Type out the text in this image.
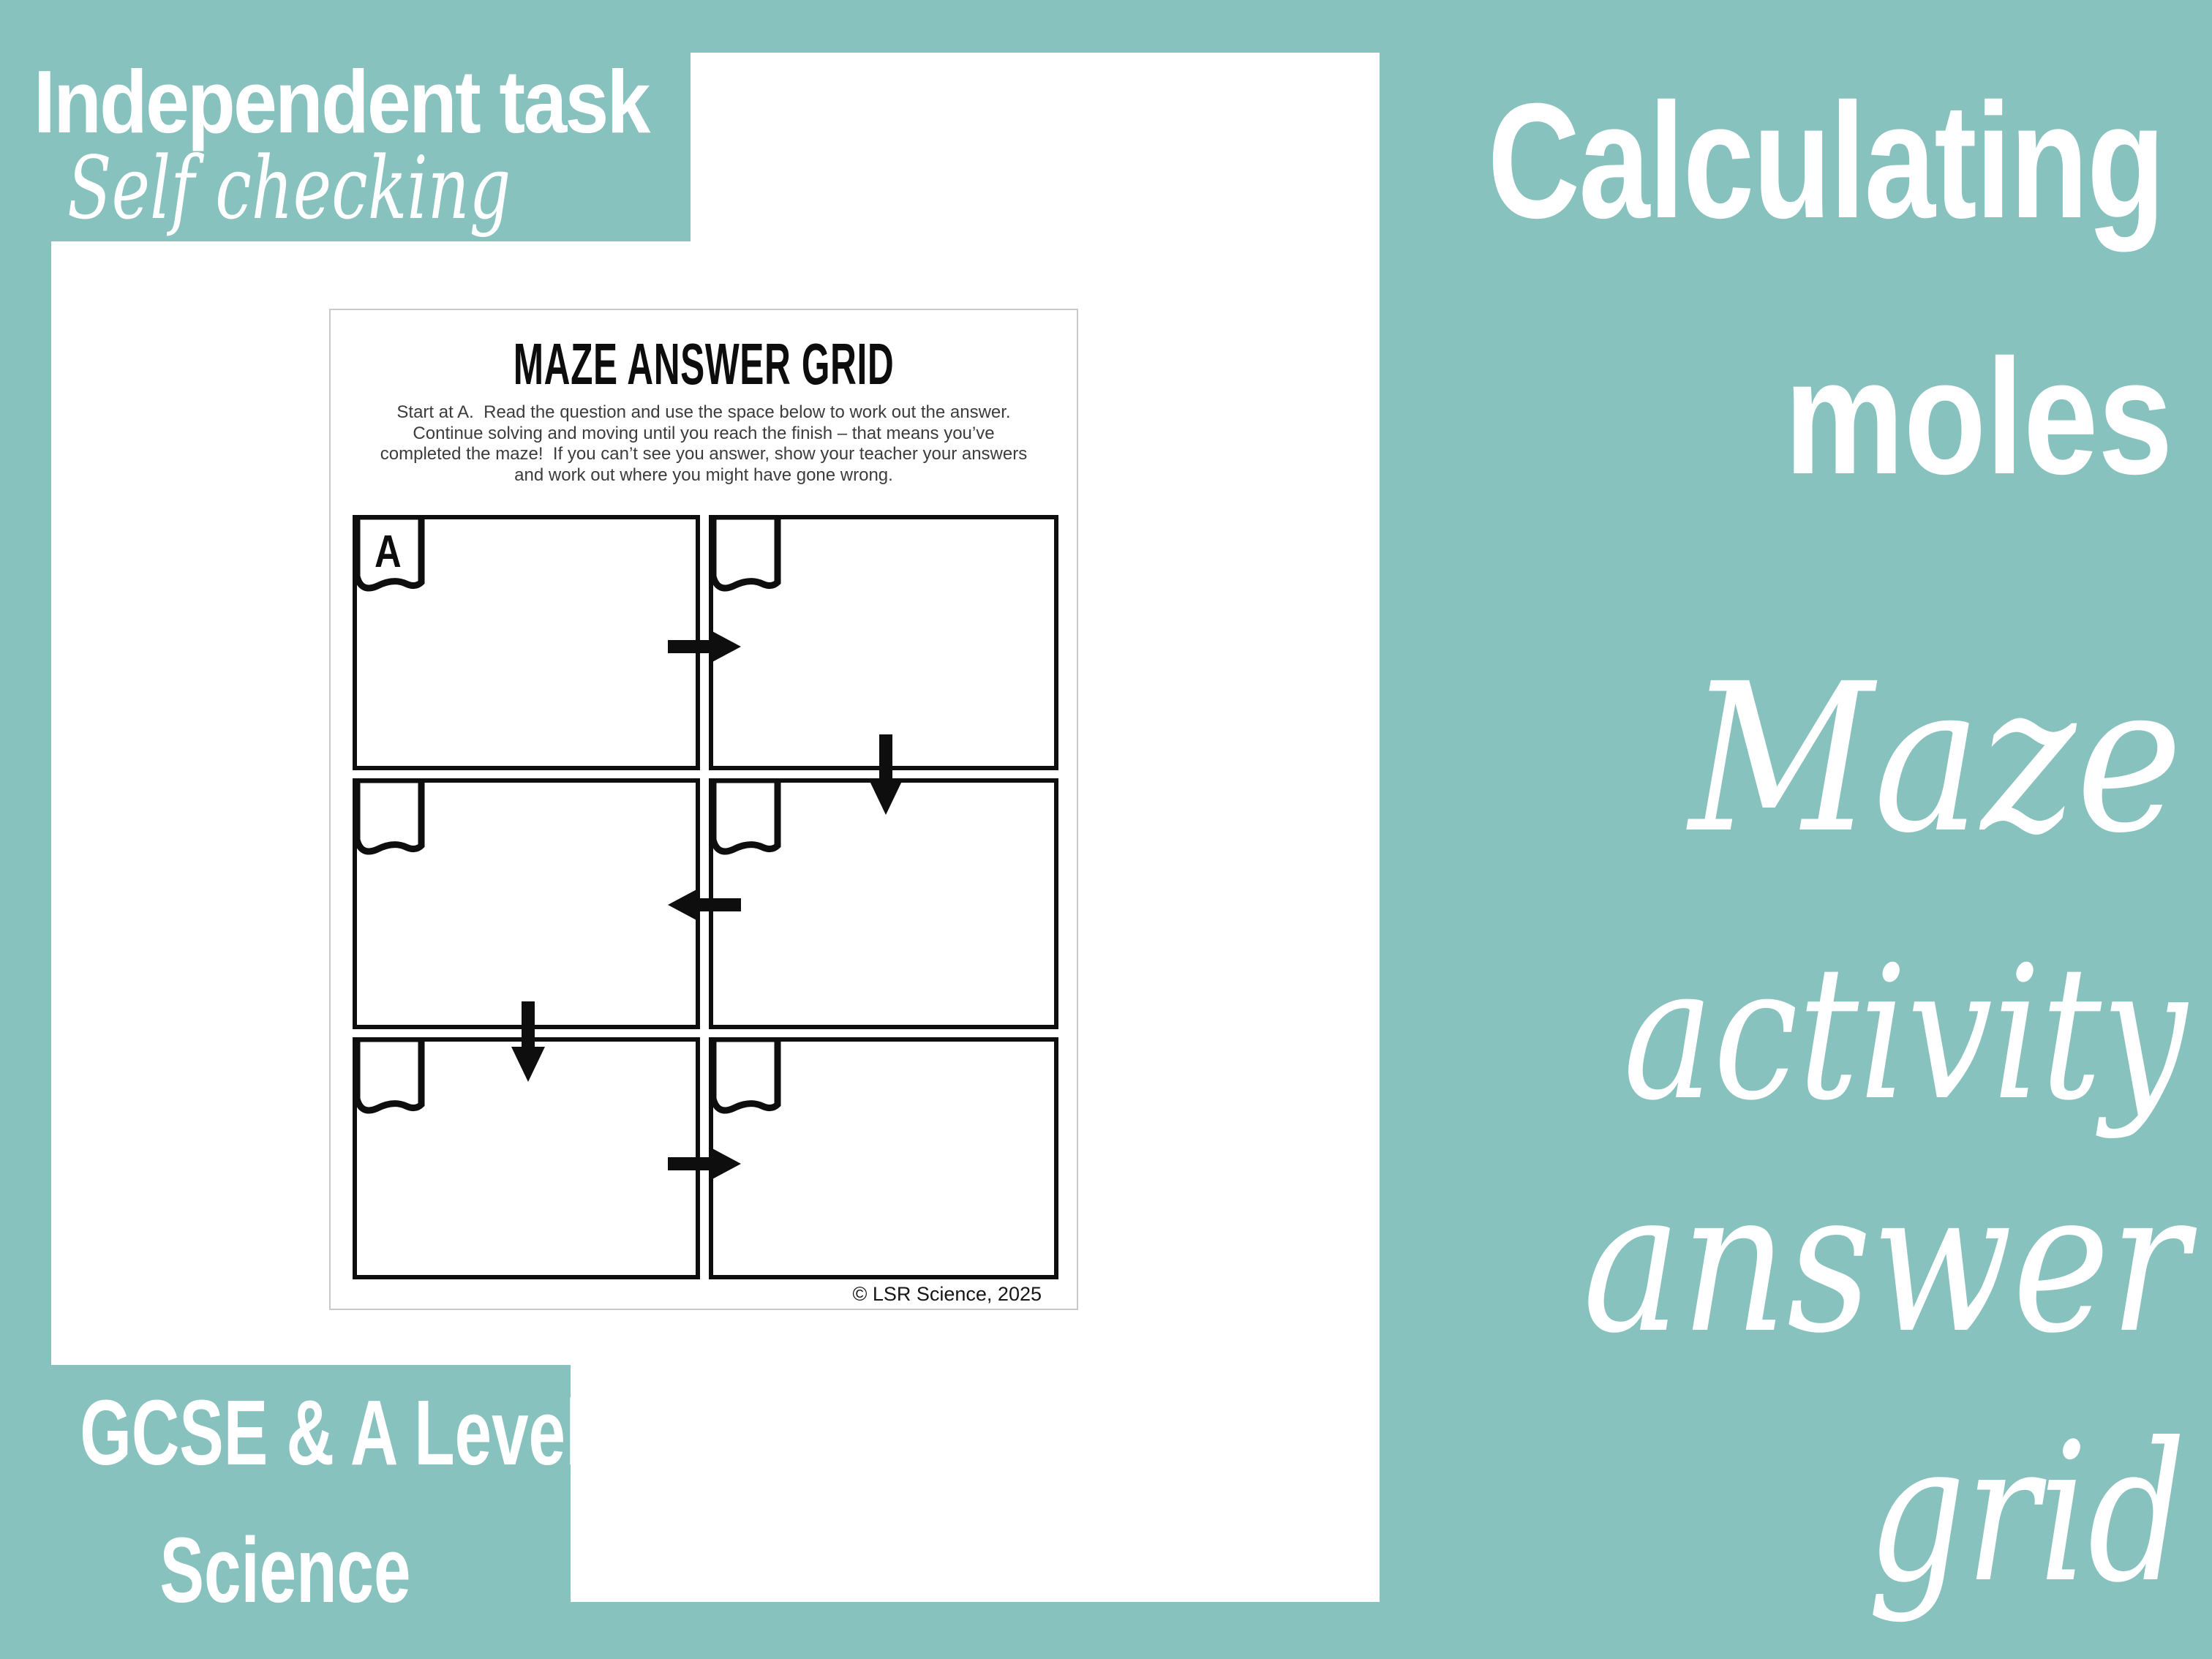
MAZE ANSWER GRID
Start at A.  Read the question and use the space below to work out the answer.
Continue solving and moving until you reach the finish – that means you’ve
completed the maze!  If you can’t see you answer, show your teacher your answers
and work out where you might have gone wrong.
A
© LSR Science, 2025
Independent task
Self checking
GCSE & A Level
Science
Calculating
moles
Maze
activity
answer
grid
